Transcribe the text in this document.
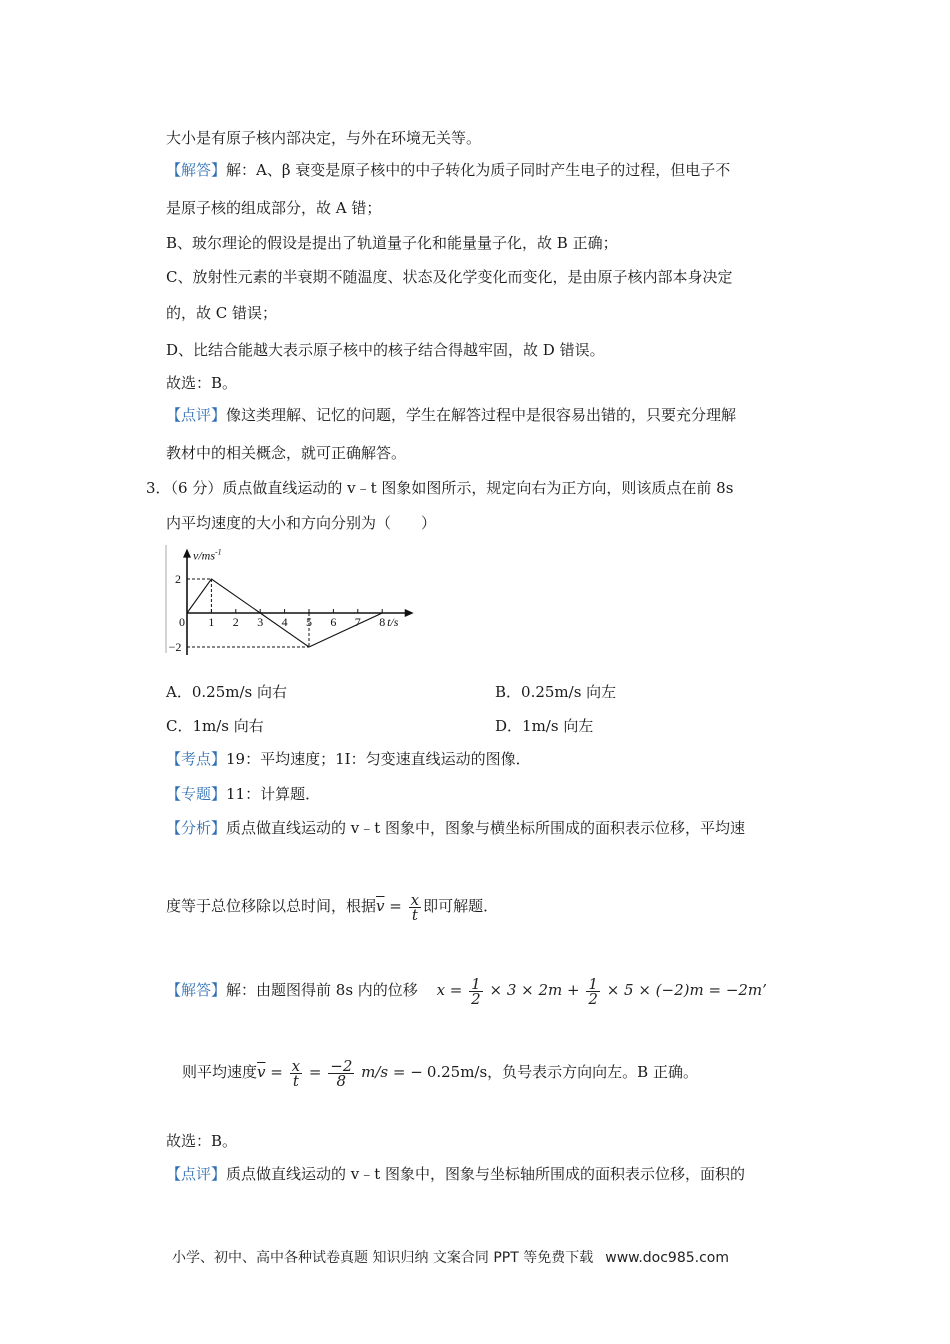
大小是有原子核内部决定，与外在环境无关等。
【解答】解：A、β 衰变是原子核中的中子转化为质子同时产生电子的过程，但电子不
是原子核的组成部分，故 A 错；
B、玻尔理论的假设是提出了轨道量子化和能量量子化，故 B 正确；
C、放射性元素的半衰期不随温度、状态及化学变化而变化，是由原子核内部本身决定
的，故 C 错误；
D、比结合能越大表示原子核中的核子结合得越牢固，故 D 错误。
故选：B。
【点评】像这类理解、记忆的问题，学生在解答过程中是很容易出错的，只要充分理解
教材中的相关概念，就可正确解答。
3．（6 分）质点做直线运动的 v﹣t 图象如图所示，规定向右为正方向，则该质点在前 8s
内平均速度的大小和方向分别为（　　）
$v/ms^{-1}$
t/s
0 1 2 3 4 5 6 7 8
2
−2
A．0.25m/s 向右	B．0.25m/s 向左
C．1m/s 向右	D．1m/s 向左
【考点】19：平均速度；1I：匀变速直线运动的图像．
【专题】11：计算题．
【分析】质点做直线运动的 v﹣t 图象中，图象与横坐标所围成的面积表示位移，平均速
度等于总位移除以总时间，根据$\overline{v} = \frac{x}{t}$ 即可解题．
【解答】解：由题图得前 8s 内的位移 $x = \frac{1}{2} \times 3 \times 2m + \frac{1}{2} \times 5 \times (-2)m = -2m$’
则平均速度$\overline{v} = \frac{x}{t} = \frac{-2}{8} m/s$ = − 0.25m/s，负号表示方向向左。B 正确。
故选：B。
【点评】质点做直线运动的 v﹣t 图象中，图象与坐标轴所围成的面积表示位移，面积的
小学、初中、高中各种试卷真题 知识归纳 文案合同 PPT 等免费下载 www.doc985.com
